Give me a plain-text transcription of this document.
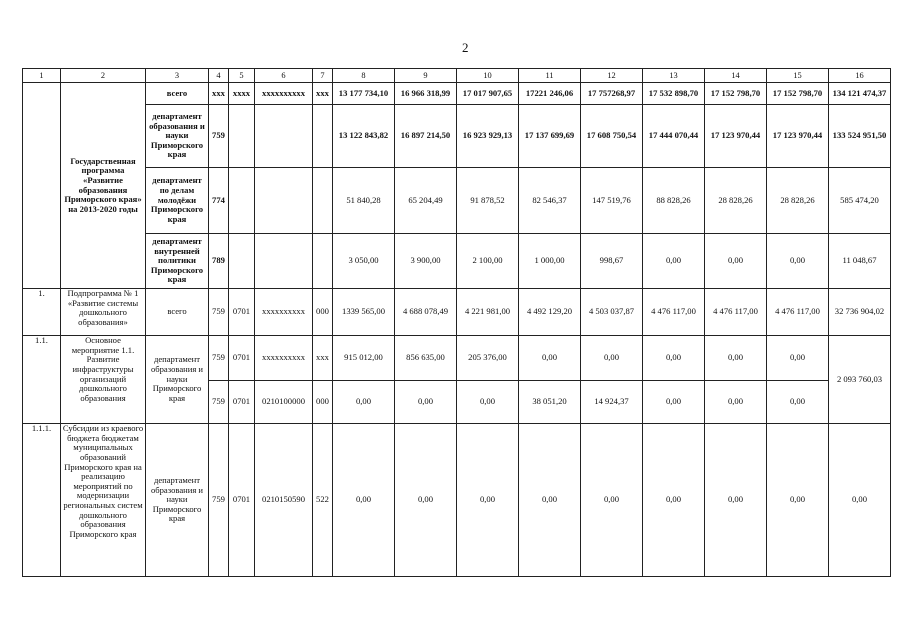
2
1	2	3	4	5	6	7	8	9	10	11	12	13	14	15	16
	Государственная программа «Развитие образования Приморского края» на 2013-2020 годы	всего	ххх	хххх	хххххххххх	ххх	13 177 734,10	16 966 318,99	17 017 907,65	17221 246,06	17 757268,97	17 532 898,70	17 152 798,70	17 152 798,70	134 121 474,37
		департамент образования и науки Приморского края	759				13 122 843,82	16 897 214,50	16 923 929,13	17 137 699,69	17 608 750,54	17 444 070,44	17 123 970,44	17 123 970,44	133 524 951,50
		департамент по делам молодёжи Приморского края	774				51 840,28	65 204,49	91 878,52	82 546,37	147 519,76	88 828,26	28 828,26	28 828,26	585 474,20
		департамент внутренней политики Приморского края	789				3 050,00	3 900,00	2 100,00	1 000,00	998,67	0,00	0,00	0,00	11 048,67
1.	Подпрограмма № 1 «Развитие системы дошкольного образования»	всего	759	0701	хххххххххх	000	1339 565,00	4 688 078,49	4 221 981,00	4 492 129,20	4 503 037,87	4 476 117,00	4 476 117,00	4 476 117,00	32 736 904,02
1.1.	Основное мероприятие 1.1. Развитие инфраструктуры организаций дошкольного образования	департамент образования и науки Приморского края	759	0701	хххххххххх	ххх	915 012,00	856 635,00	205 376,00	0,00	0,00	0,00	0,00	0,00	2 093 760,03
			759	0701	0210100000	000	0,00	0,00	0,00	38 051,20	14 924,37	0,00	0,00	0,00	
1.1.1.	Субсидии из краевого бюджета бюджетам муниципальных образований Приморского края на реализацию мероприятий по модернизации региональных систем дошкольного образования Приморского края	департамент образования и науки Приморского края	759	0701	0210150590	522	0,00	0,00	0,00	0,00	0,00	0,00	0,00	0,00	0,00
